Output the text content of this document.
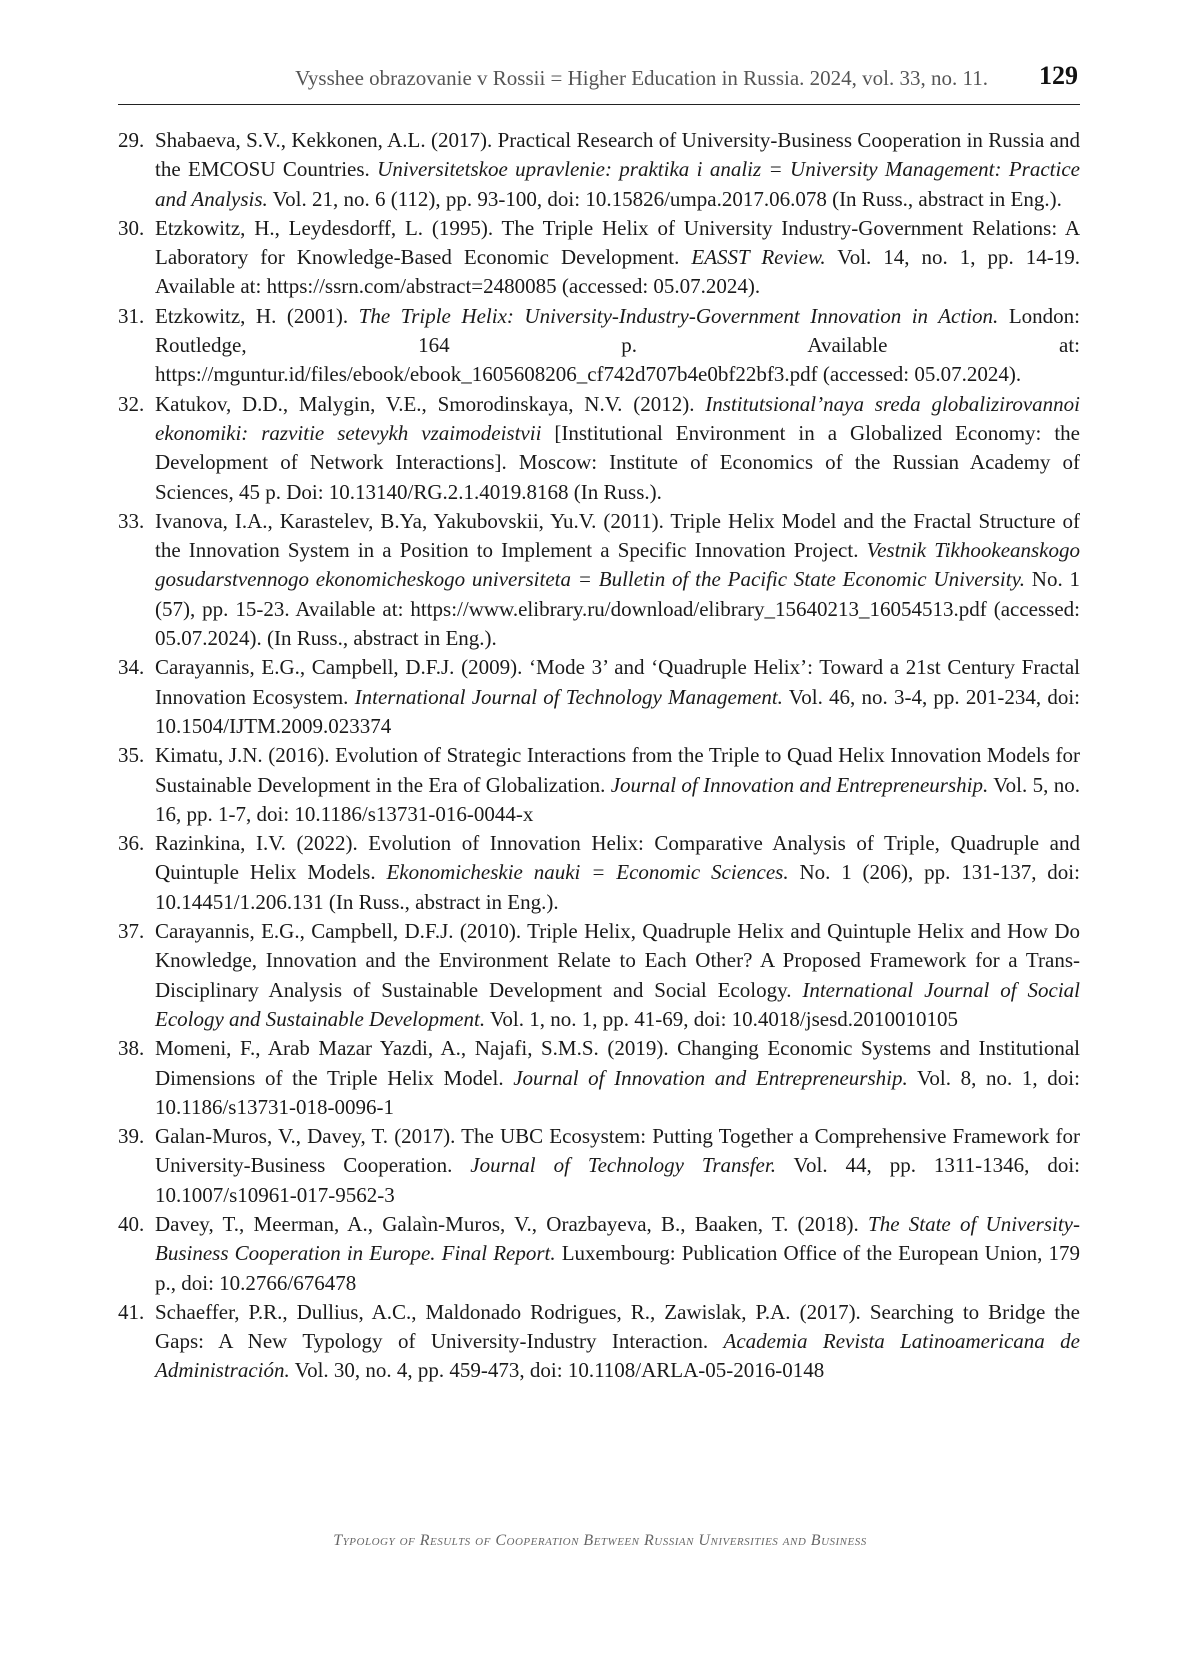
Vysshee obrazovanie v Rossii = Higher Education in Russia. 2024, vol. 33, no. 11. 129
29. Shabaeva, S.V., Kekkonen, A.L. (2017). Practical Research of University-Business Cooperation in Russia and the EMCOSU Countries. Universitetskoe upravlenie: praktika i analiz = University Management: Practice and Analysis. Vol. 21, no. 6 (112), pp. 93-100, doi: 10.15826/umpa.2017.06.078 (In Russ., abstract in Eng.).
30. Etzkowitz, H., Leydesdorff, L. (1995). The Triple Helix of University Industry-Government Relations: A Laboratory for Knowledge-Based Economic Development. EASST Review. Vol. 14, no. 1, pp. 14-19. Available at: https://ssrn.com/abstract=2480085 (accessed: 05.07.2024).
31. Etzkowitz, H. (2001). The Triple Helix: University-Industry-Government Innovation in Action. London: Routledge, 164 p. Available at: https://mguntur.id/files/ebook/ebook_1605608206_cf742d707b4e0bf22bf3.pdf (accessed: 05.07.2024).
32. Katukov, D.D., Malygin, V.E., Smorodinskaya, N.V. (2012). Institutsional’naya sreda globalizirovannoi ekonomiki: razvitie setevykh vzaimodeistvii [Institutional Environment in a Globalized Economy: the Development of Network Interactions]. Moscow: Institute of Economics of the Russian Academy of Sciences, 45 p. Doi: 10.13140/RG.2.1.4019.8168 (In Russ.).
33. Ivanova, I.A., Karastelev, B.Ya, Yakubovskii, Yu.V. (2011). Triple Helix Model and the Fractal Structure of the Innovation System in a Position to Implement a Specific Innovation Project. Vestnik Tikhookeanskogo gosudarstvennogo ekonomicheskogo universiteta = Bulletin of the Pacific State Economic University. No. 1 (57), pp. 15-23. Available at: https://www.elibrary.ru/download/elibrary_15640213_16054513.pdf (accessed: 05.07.2024). (In Russ., abstract in Eng.).
34. Carayannis, E.G., Campbell, D.F.J. (2009). ‘Mode 3’ and ‘Quadruple Helix’: Toward a 21st Century Fractal Innovation Ecosystem. International Journal of Technology Management. Vol. 46, no. 3-4, pp. 201-234, doi: 10.1504/IJTM.2009.023374
35. Kimatu, J.N. (2016). Evolution of Strategic Interactions from the Triple to Quad Helix Innovation Models for Sustainable Development in the Era of Globalization. Journal of Innovation and Entrepreneurship. Vol. 5, no. 16, pp. 1-7, doi: 10.1186/s13731-016-0044-x
36. Razinkina, I.V. (2022). Evolution of Innovation Helix: Comparative Analysis of Triple, Quadruple and Quintuple Helix Models. Ekonomicheskie nauki = Economic Sciences. No. 1 (206), pp. 131-137, doi: 10.14451/1.206.131 (In Russ., abstract in Eng.).
37. Carayannis, E.G., Campbell, D.F.J. (2010). Triple Helix, Quadruple Helix and Quintuple Helix and How Do Knowledge, Innovation and the Environment Relate to Each Other? A Proposed Framework for a Trans- Disciplinary Analysis of Sustainable Development and Social Ecology. International Journal of Social Ecology and Sustainable Development. Vol. 1, no. 1, pp. 41-69, doi: 10.4018/jsesd.2010010105
38. Momeni, F., Arab Mazar Yazdi, A., Najafi, S.M.S. (2019). Changing Economic Systems and Institutional Dimensions of the Triple Helix Model. Journal of Innovation and Entrepreneurship. Vol. 8, no. 1, doi: 10.1186/s13731-018-0096-1
39. Galan-Muros, V., Davey, T. (2017). The UBC Ecosystem: Putting Together a Comprehensive Framework for University-Business Cooperation. Journal of Technology Transfer. Vol. 44, pp. 1311-1346, doi: 10.1007/s10961-017-9562-3
40. Davey, T., Meerman, A., Galaìn-Muros, V., Orazbayeva, B., Baaken, T. (2018). The State of University-Business Cooperation in Europe. Final Report. Luxembourg: Publication Office of the European Union, 179 p., doi: 10.2766/676478
41. Schaeffer, P.R., Dullius, A.C., Maldonado Rodrigues, R., Zawislak, P.A. (2017). Searching to Bridge the Gaps: A New Typology of University-Industry Interaction. Academia Revista Latinoamericana de Administración. Vol. 30, no. 4, pp. 459-473, doi: 10.1108/ARLA-05-2016-0148
Typology of Results of Cooperation Between Russian Universities and Business
